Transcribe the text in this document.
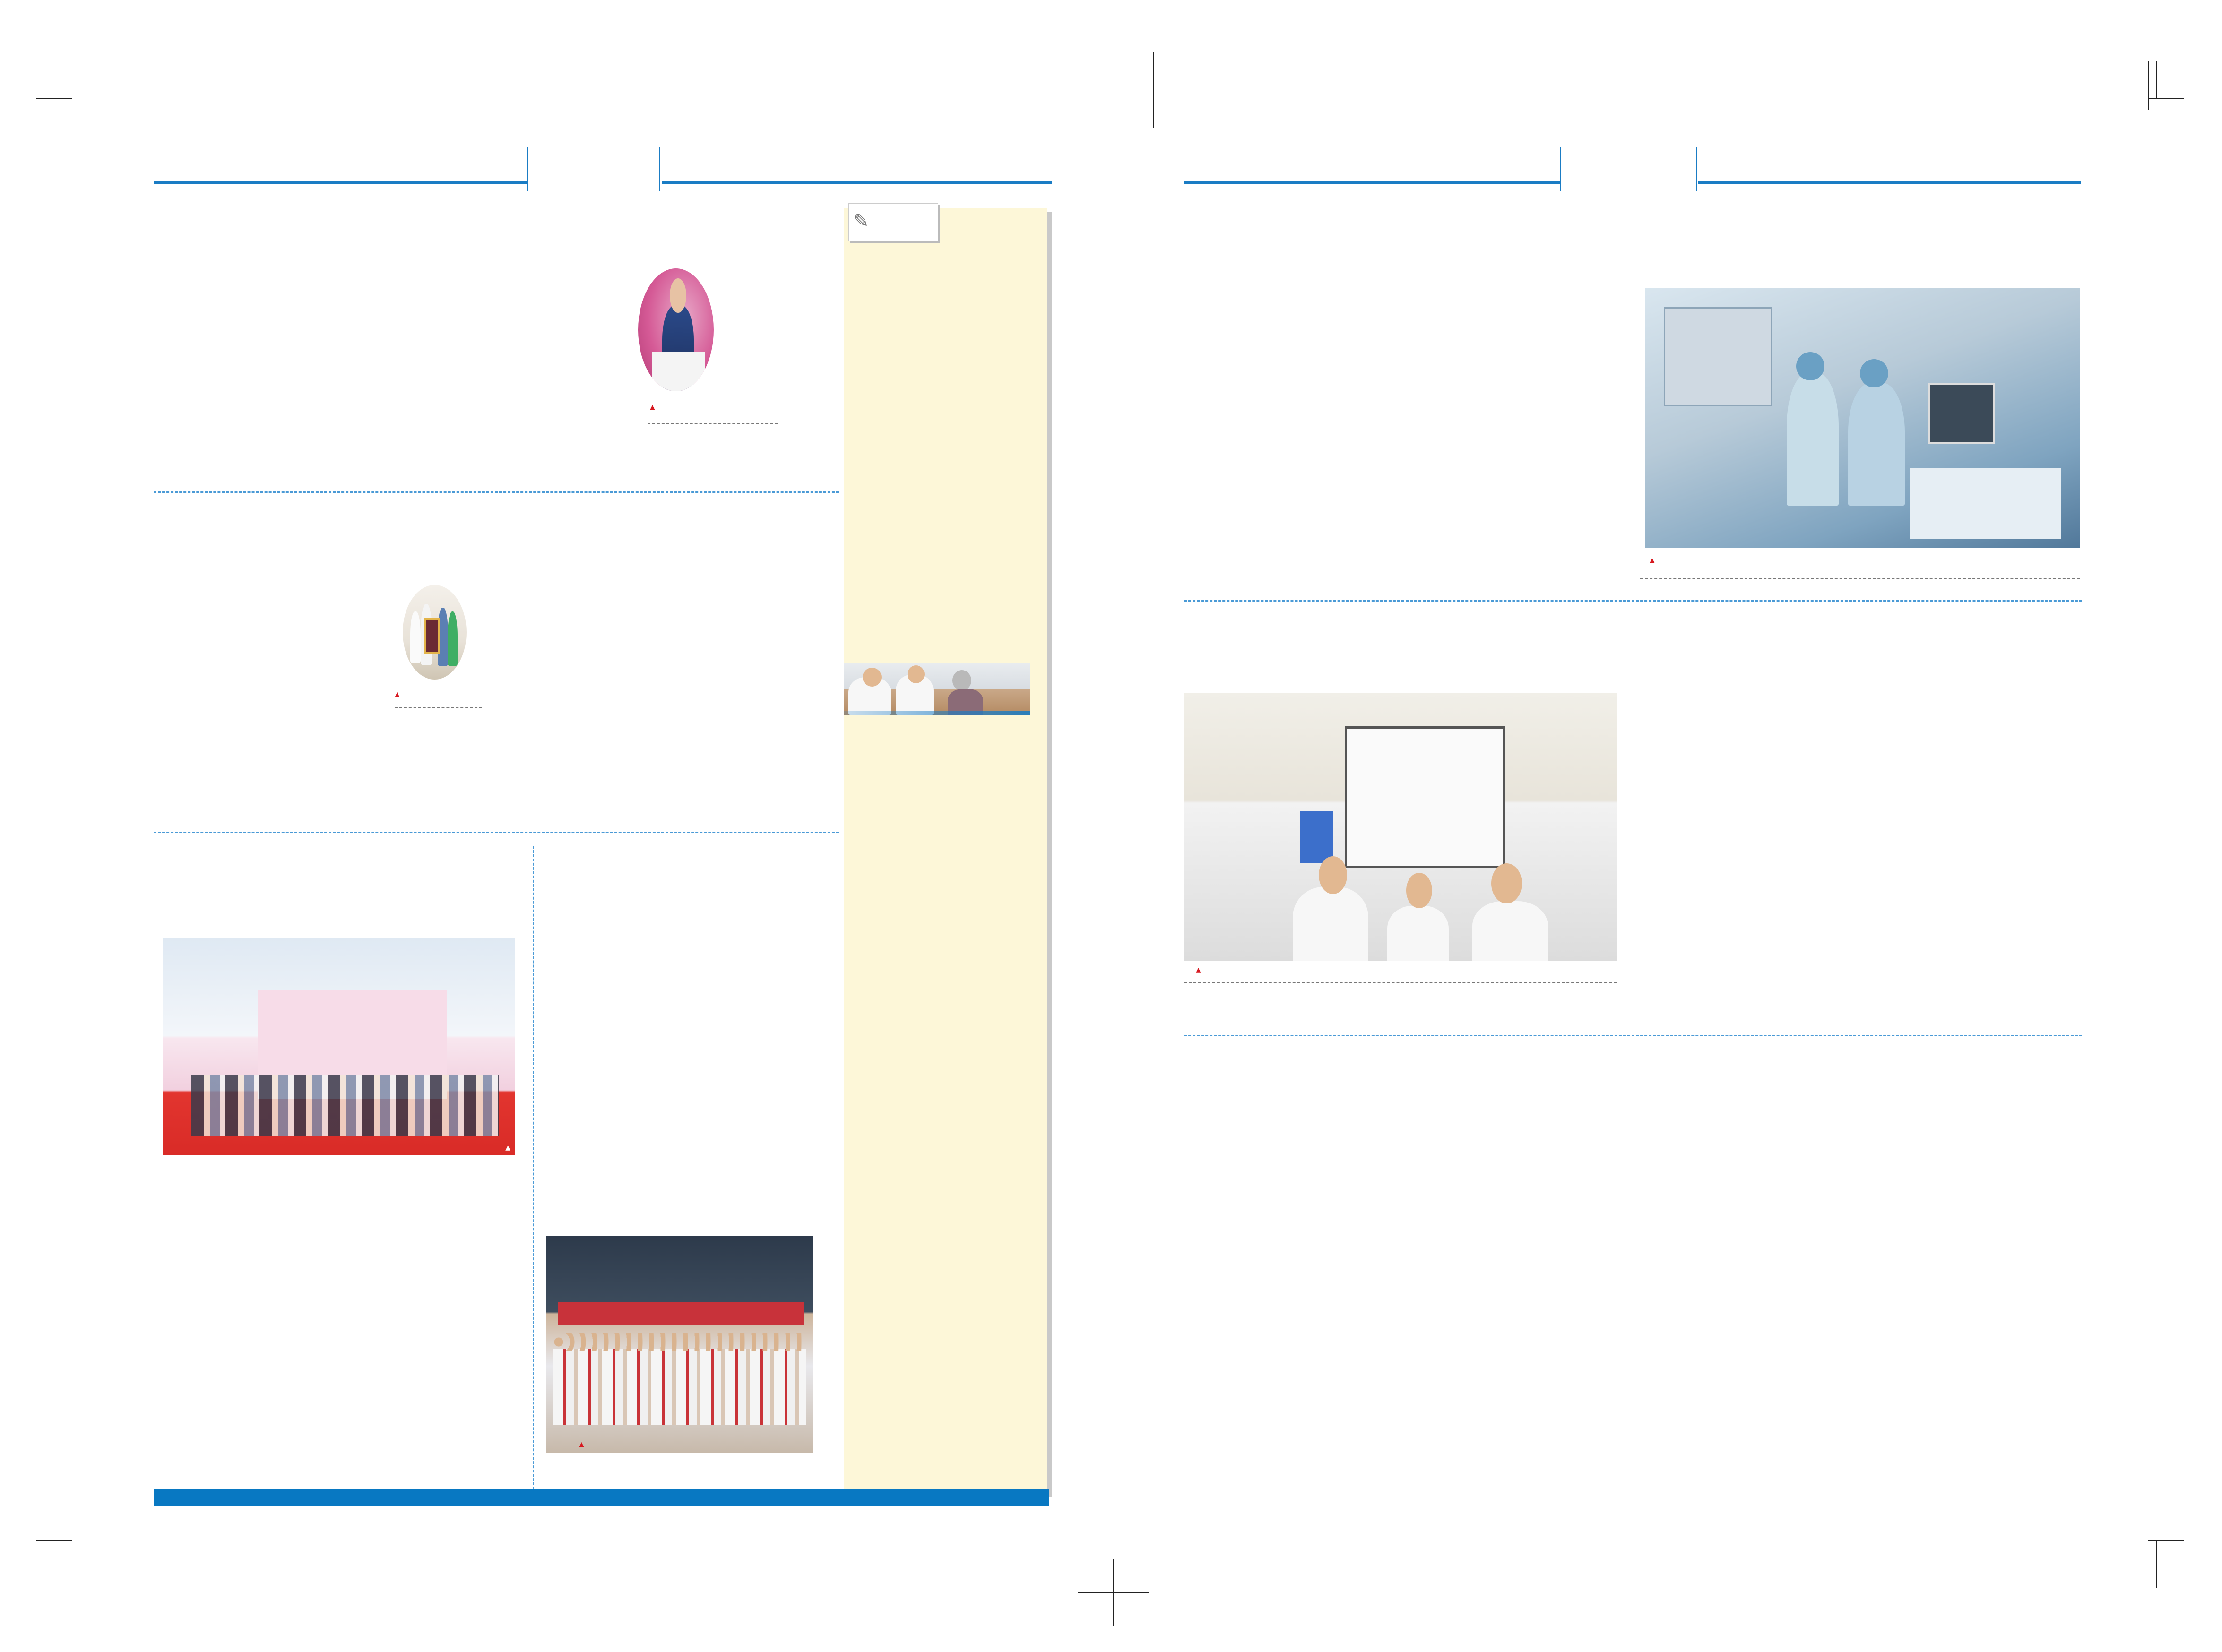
▲

▲

▲

▲
✎

▲
▲
